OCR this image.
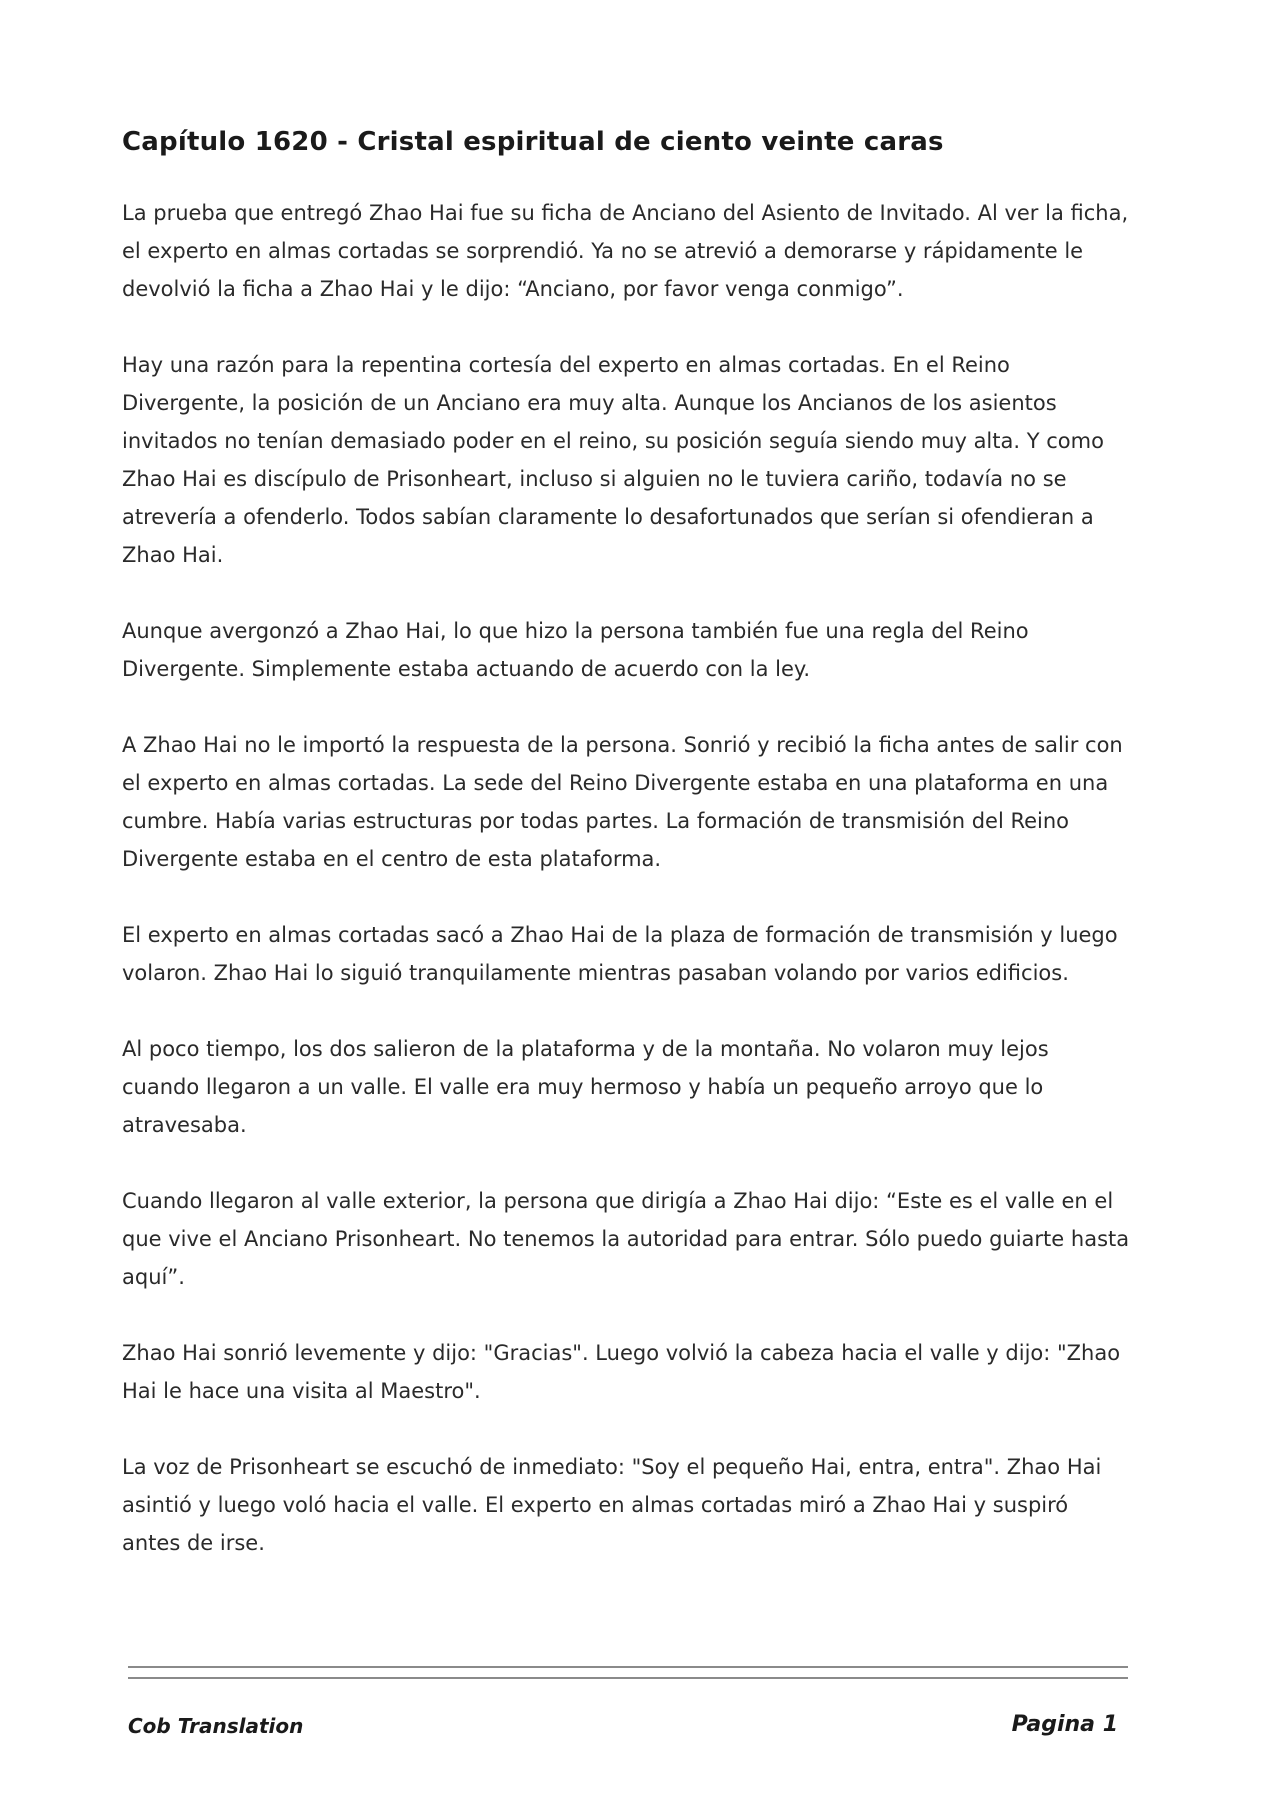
Capítulo 1620 - Cristal espiritual de ciento veinte caras

La prueba que entregó Zhao Hai fue su ficha de Anciano del Asiento de Invitado. Al ver la ficha, el experto en almas cortadas se sorprendió. Ya no se atrevió a demorarse y rápidamente le devolvió la ficha a Zhao Hai y le dijo: “Anciano, por favor venga conmigo”.

Hay una razón para la repentina cortesía del experto en almas cortadas. En el Reino Divergente, la posición de un Anciano era muy alta. Aunque los Ancianos de los asientos invitados no tenían demasiado poder en el reino, su posición seguía siendo muy alta. Y como Zhao Hai es discípulo de Prisonheart, incluso si alguien no le tuviera cariño, todavía no se atrevería a ofenderlo. Todos sabían claramente lo desafortunados que serían si ofendieran a Zhao Hai.

Aunque avergonzó a Zhao Hai, lo que hizo la persona también fue una regla del Reino Divergente. Simplemente estaba actuando de acuerdo con la ley.

A Zhao Hai no le importó la respuesta de la persona. Sonrió y recibió la ficha antes de salir con el experto en almas cortadas. La sede del Reino Divergente estaba en una plataforma en una cumbre. Había varias estructuras por todas partes. La formación de transmisión del Reino Divergente estaba en el centro de esta plataforma.

El experto en almas cortadas sacó a Zhao Hai de la plaza de formación de transmisión y luego volaron. Zhao Hai lo siguió tranquilamente mientras pasaban volando por varios edificios.

Al poco tiempo, los dos salieron de la plataforma y de la montaña. No volaron muy lejos cuando llegaron a un valle. El valle era muy hermoso y había un pequeño arroyo que lo atravesaba.

Cuando llegaron al valle exterior, la persona que dirigía a Zhao Hai dijo: “Este es el valle en el que vive el Anciano Prisonheart. No tenemos la autoridad para entrar. Sólo puedo guiarte hasta aquí”.

Zhao Hai sonrió levemente y dijo: "Gracias". Luego volvió la cabeza hacia el valle y dijo: "Zhao Hai le hace una visita al Maestro".

La voz de Prisonheart se escuchó de inmediato: "Soy el pequeño Hai, entra, entra". Zhao Hai asintió y luego voló hacia el valle. El experto en almas cortadas miró a Zhao Hai y suspiró antes de irse.

Cob Translation	Pagina 1
